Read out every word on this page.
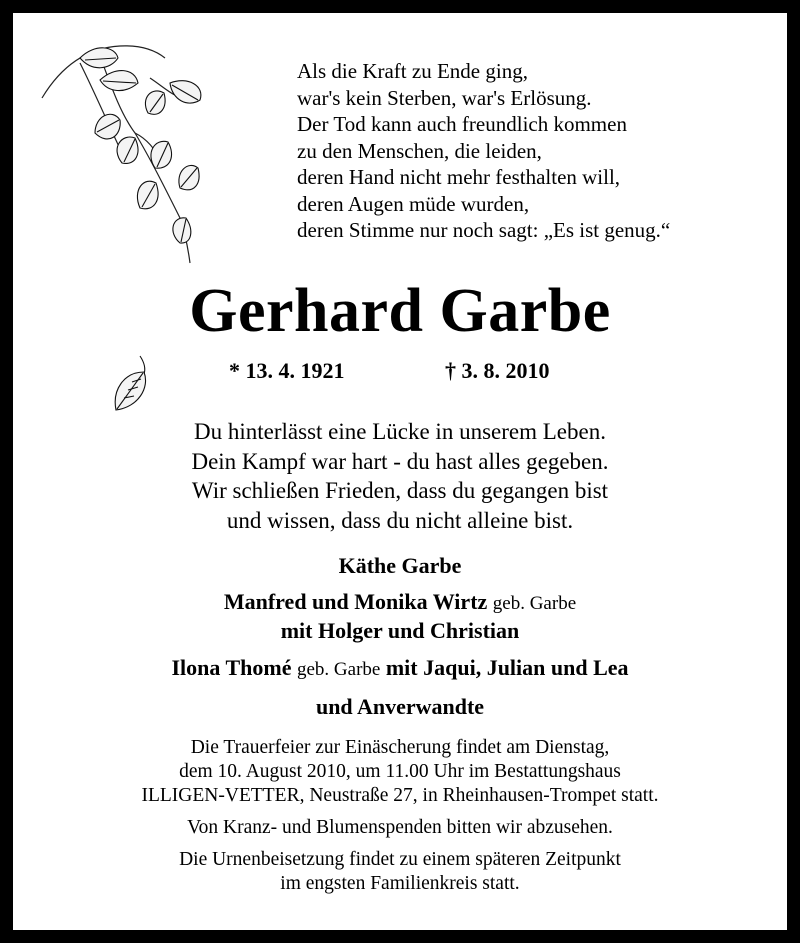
Als die Kraft zu Ende ging,
war's kein Sterben, war's Erlösung.
Der Tod kann auch freundlich kommen
zu den Menschen, die leiden,
deren Hand nicht mehr festhalten will,
deren Augen müde wurden,
deren Stimme nur noch sagt: „Es ist genug.“
Gerhard Garbe
* 13. 4. 1921	† 3. 8. 2010
Du hinterlässt eine Lücke in unserem Leben.
Dein Kampf war hart - du hast alles gegeben.
Wir schließen Frieden, dass du gegangen bist
und wissen, dass du nicht alleine bist.
Käthe Garbe
Manfred und Monika Wirtz geb. Garbe
mit Holger und Christian
Ilona Thomé geb. Garbe mit Jaqui, Julian und Lea
und Anverwandte
Die Trauerfeier zur Einäscherung findet am Dienstag,
dem 10. August 2010, um 11.00 Uhr im Bestattungshaus
ILLIGEN-VETTER, Neustraße 27, in Rheinhausen-Trompet statt.
Von Kranz- und Blumenspenden bitten wir abzusehen.
Die Urnenbeisetzung findet zu einem späteren Zeitpunkt
im engsten Familienkreis statt.
